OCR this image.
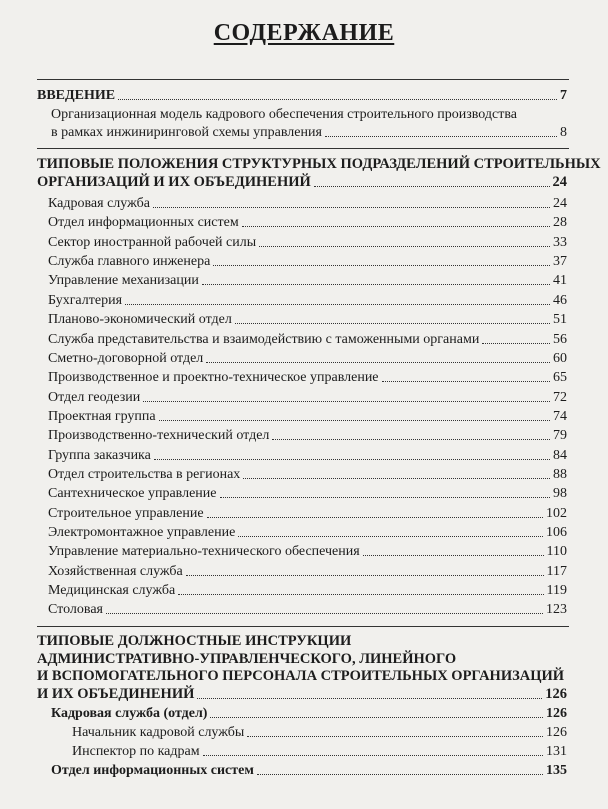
СОДЕРЖАНИЕ
ВВЕДЕНИЕ	7
Организационная модель кадрового обеспечения строительного производства
в рамках инжиниринговой схемы управления	8
ТИПОВЫЕ ПОЛОЖЕНИЯ СТРУКТУРНЫХ ПОДРАЗДЕЛЕНИЙ СТРОИТЕЛЬНЫХ
ОРГАНИЗАЦИЙ И ИХ ОБЪЕДИНЕНИЙ	24
Кадровая служба	24
Отдел информационных систем	28
Сектор иностранной рабочей силы	33
Служба главного инженера	37
Управление механизации	41
Бухгалтерия	46
Планово-экономический отдел	51
Служба представительства и взаимодействию с таможенными органами	56
Сметно-договорной отдел	60
Производственное и проектно-техническое управление	65
Отдел геодезии	72
Проектная группа	74
Производственно-технический отдел	79
Группа заказчика	84
Отдел строительства в регионах	88
Сантехническое управление	98
Строительное управление	102
Электромонтажное управление	106
Управление материально-технического обеспечения	110
Хозяйственная служба	117
Медицинская служба	119
Столовая	123
ТИПОВЫЕ ДОЛЖНОСТНЫЕ ИНСТРУКЦИИ
АДМИНИСТРАТИВНО-УПРАВЛЕНЧЕСКОГО, ЛИНЕЙНОГО
И ВСПОМОГАТЕЛЬНОГО ПЕРСОНАЛА СТРОИТЕЛЬНЫХ ОРГАНИЗАЦИЙ
И ИХ ОБЪЕДИНЕНИЙ	126
Кадровая служба (отдел)	126
Начальник кадровой службы	126
Инспектор по кадрам	131
Отдел информационных систем	135
